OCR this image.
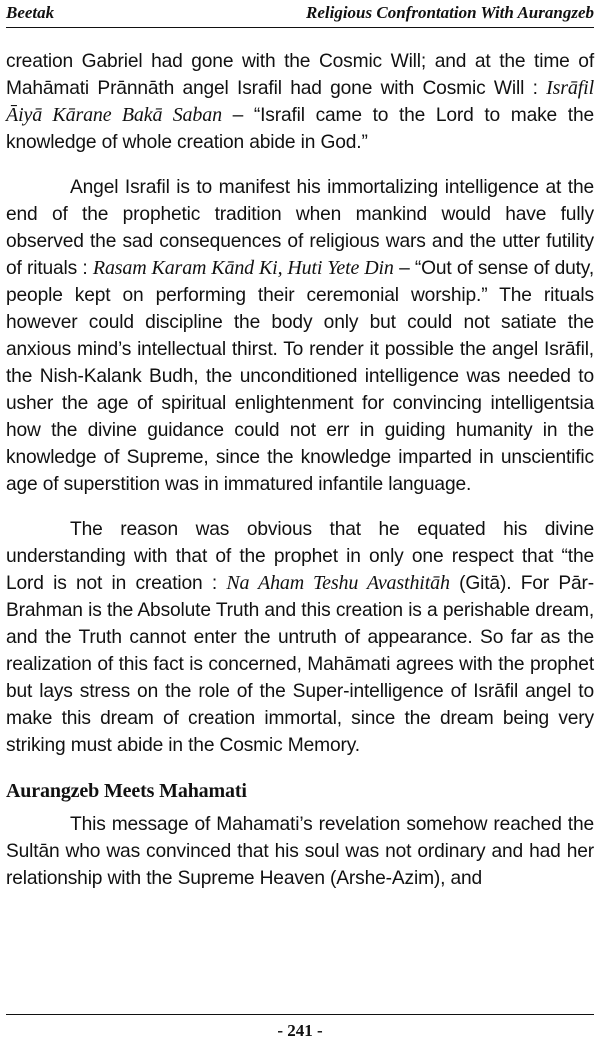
Beetak	Religious Confrontation With Aurangzeb

creation Gabriel had gone with the Cosmic Will; and at the time of Mahāmati Prānnāth angel Israfil had gone with Cosmic Will : Isrāfil Āiyā Kārane Bakā Saban – “Israfil came to the Lord to make the knowledge of whole creation abide in God.”

Angel Israfil is to manifest his immortalizing intelligence at the end of the prophetic tradition when mankind would have fully observed the sad consequences of religious wars and the utter futility of rituals : Rasam Karam Kānd Ki, Huti Yete Din – “Out of sense of duty, people kept on performing their ceremonial worship.” The rituals however could discipline the body only but could not satiate the anxious mind’s intellectual thirst. To render it possible the angel Isrāfil, the Nish-Kalank Budh, the unconditioned intelligence was needed to usher the age of spiritual enlightenment for convincing intelligentsia how the divine guidance could not err in guiding humanity in the knowledge of Supreme, since the knowledge imparted in unscientific age of superstition was in immatured infantile language.

The reason was obvious that he equated his divine understanding with that of the prophet in only one respect that “the Lord is not in creation : Na Aham Teshu Avasthitāh (Gitā). For Pār-Brahman is the Absolute Truth and this creation is a perishable dream, and the Truth cannot enter the untruth of appearance. So far as the realization of this fact is concerned, Mahāmati agrees with the prophet but lays stress on the role of the Super-intelligence of Isrāfil angel to make this dream of creation immortal, since the dream being very striking must abide in the Cosmic Memory.

Aurangzeb Meets Mahamati

This message of Mahamati’s revelation somehow reached the Sultān who was convinced that his soul was not ordinary and had her relationship with the Supreme Heaven (Arshe-Azim), and

- 241 -
